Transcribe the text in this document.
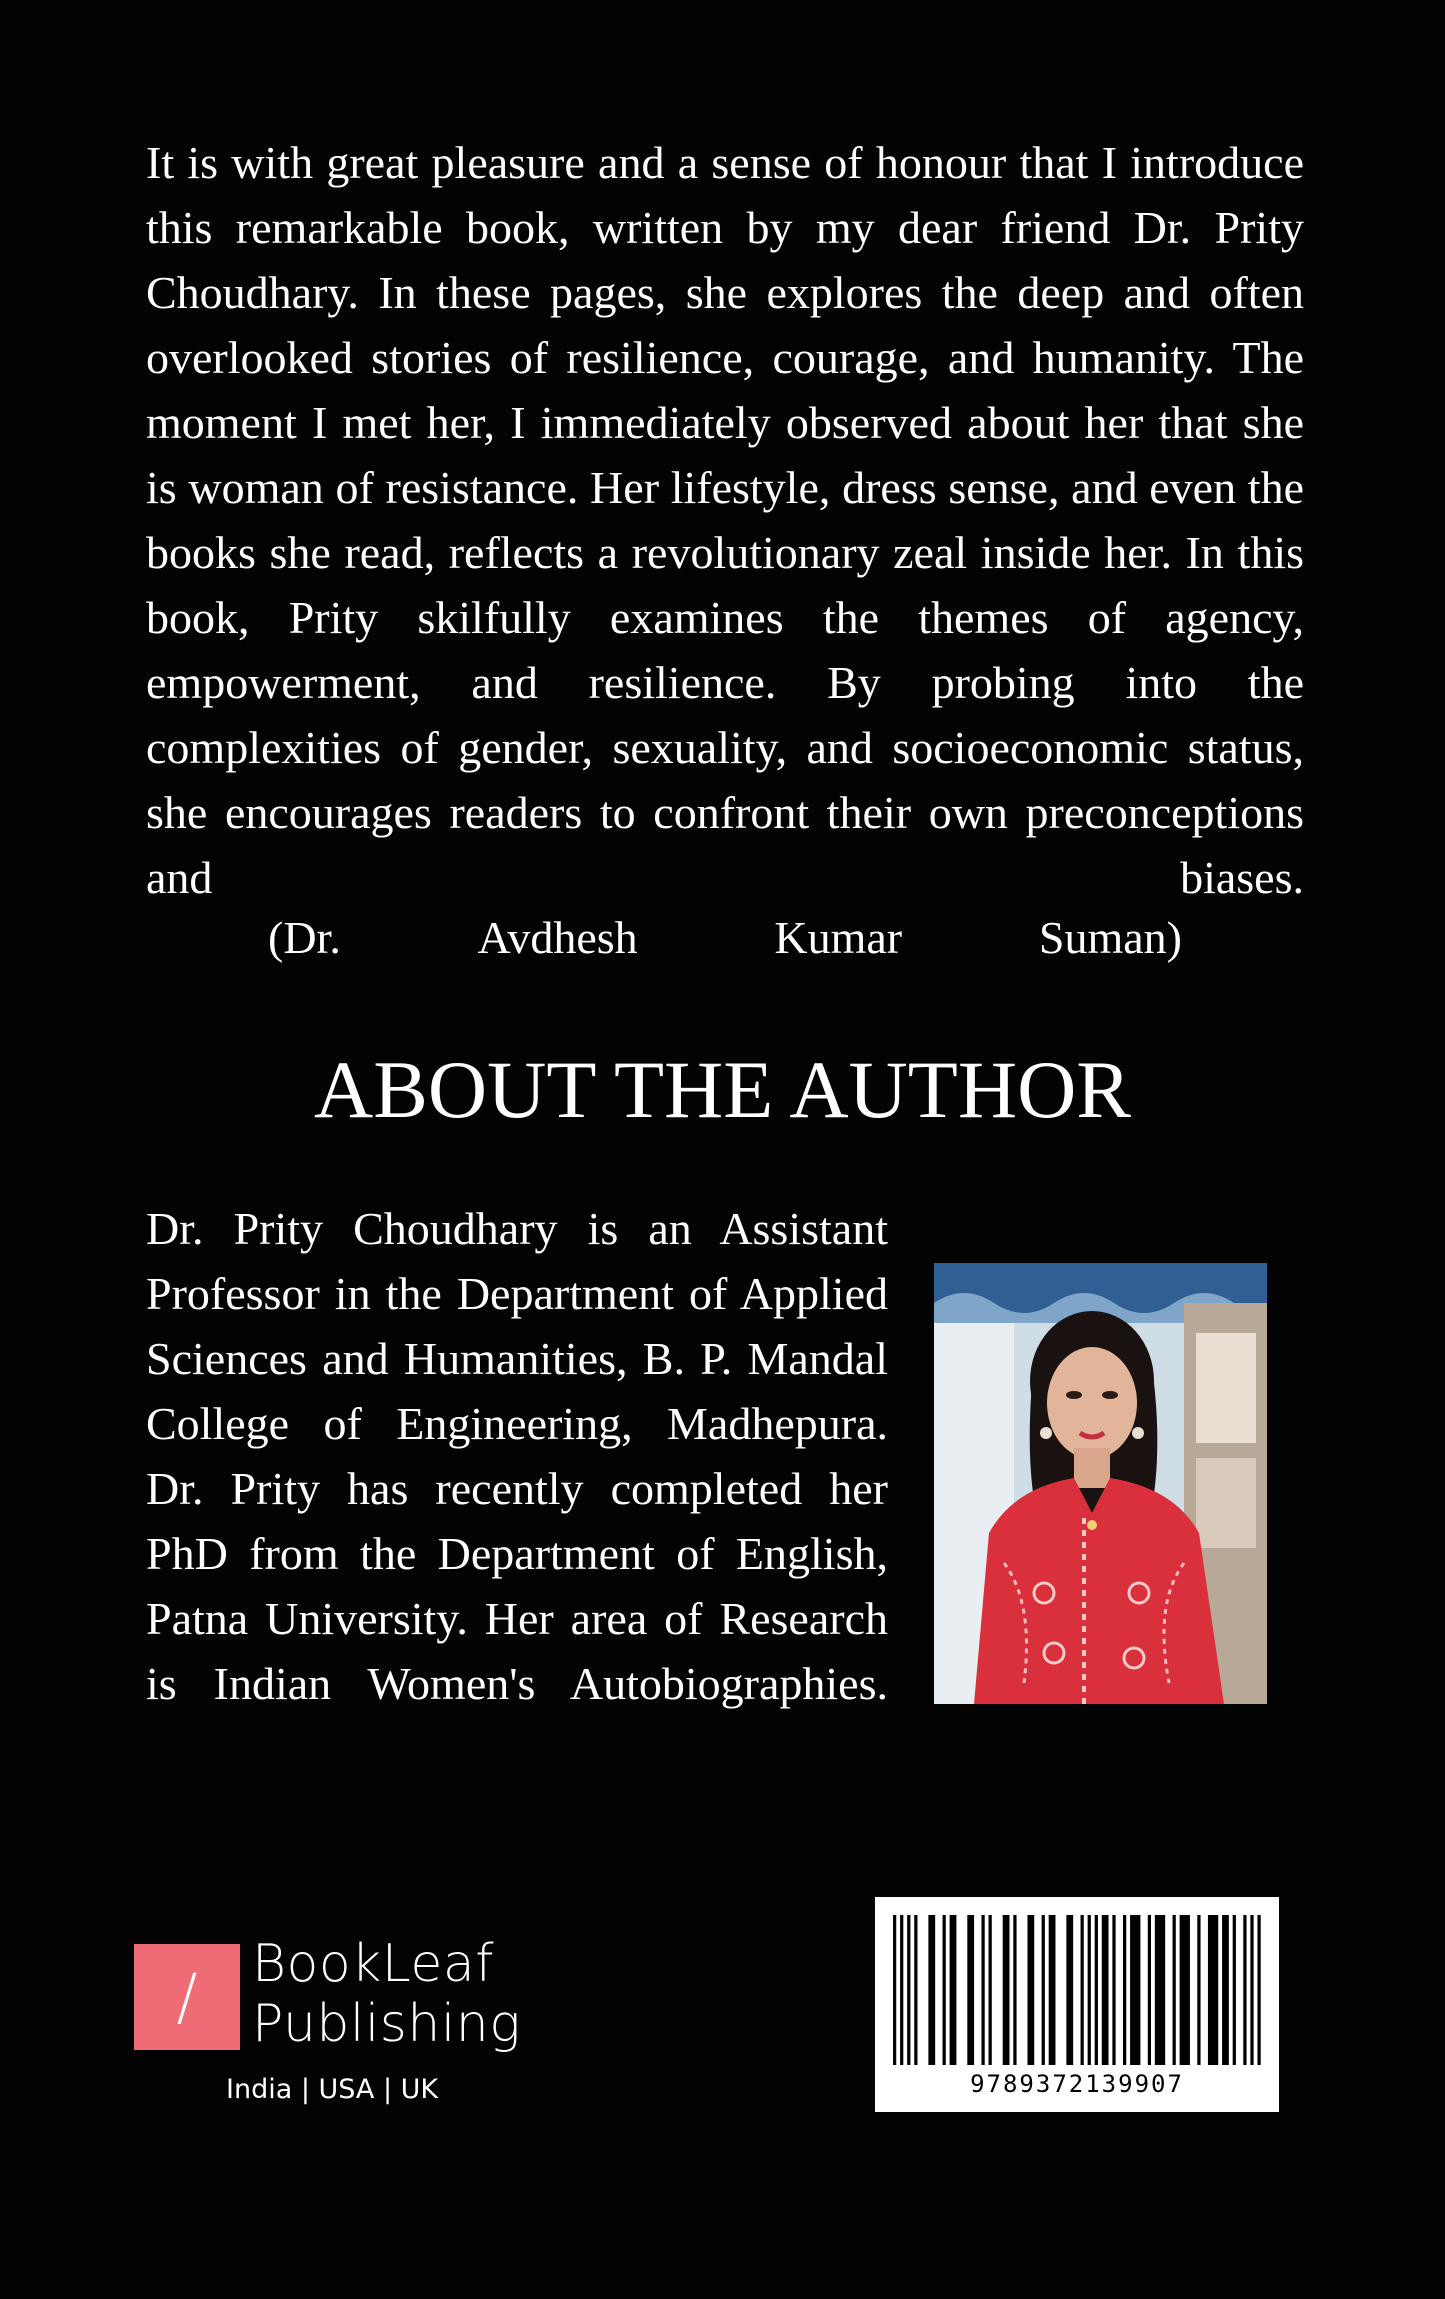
It is with great pleasure and a sense of honour that I introduce this remarkable book, written by my dear friend Dr. Prity Choudhary. In these pages, she explores the deep and often overlooked stories of resilience, courage, and humanity. The moment I met her, I immediately observed about her that she is woman of resistance. Her lifestyle, dress sense, and even the books she read, reflects a revolutionary zeal inside her. In this book, Prity skilfully examines the themes of agency, empowerment, and resilience. By probing into the complexities of gender, sexuality, and socioeconomic status, she encourages readers to confront their own preconceptions and biases.

(Dr.	Avdhesh	Kumar	Suman)
ABOUT THE AUTHOR

Dr. Prity Choudhary is an Assistant Professor in the Department of Applied Sciences and Humanities, B. P. Mandal College of Engineering, Madhepura. Dr. Prity has recently completed her PhD from the Department of English, Patna University. Her area of Research is Indian Women's Autobiographies.

/	BookLeaf
Publishing
India | USA | UK	9789372139907
